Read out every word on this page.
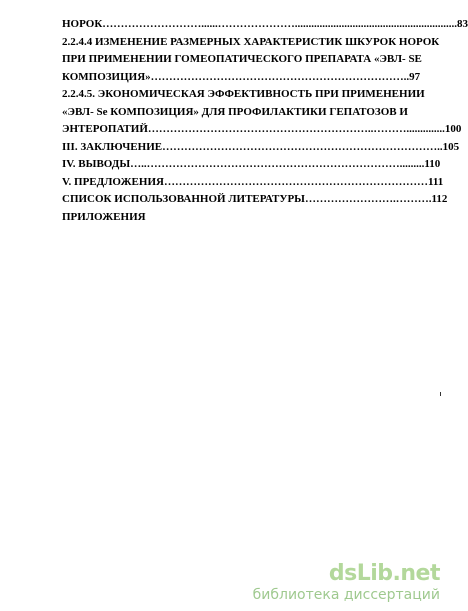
НОРОК………………………......…………………...........................................................83
2.2.4.4 ИЗМЕНЕНИЕ РАЗМЕРНЫХ ХАРАКТЕРИСТИК ШКУРОК НОРОК
ПРИ ПРИМЕНЕНИИ ГОМЕОПАТИЧЕСКОГО ПРЕПАРАТА «ЭВЛ- SE
КОМПОЗИЦИЯ»……………………………………………………………..97
2.2.4.5. ЭКОНОМИЧЕСКАЯ ЭФФЕКТИВНОСТЬ ПРИ ПРИМЕНЕНИИ
«ЭВЛ- Se КОМПОЗИЦИЯ» ДЛЯ ПРОФИЛАКТИКИ ГЕПАТОЗОВ И
ЭНТЕРОПАТИЙ……………………………………………………..………..............100
III. ЗАКЛЮЧЕНИЕ…………………………………………………………………..105
IV. ВЫВОДЫ…..…………………………………………………………….........110
V. ПРЕДЛОЖЕНИЯ………………………………………………………………111
СПИСОК ИСПОЛЬЗОВАННОЙ ЛИТЕРАТУРЫ…………………….……….112
ПРИЛОЖЕНИЯ
dsLib.net
библиотека диссертаций
